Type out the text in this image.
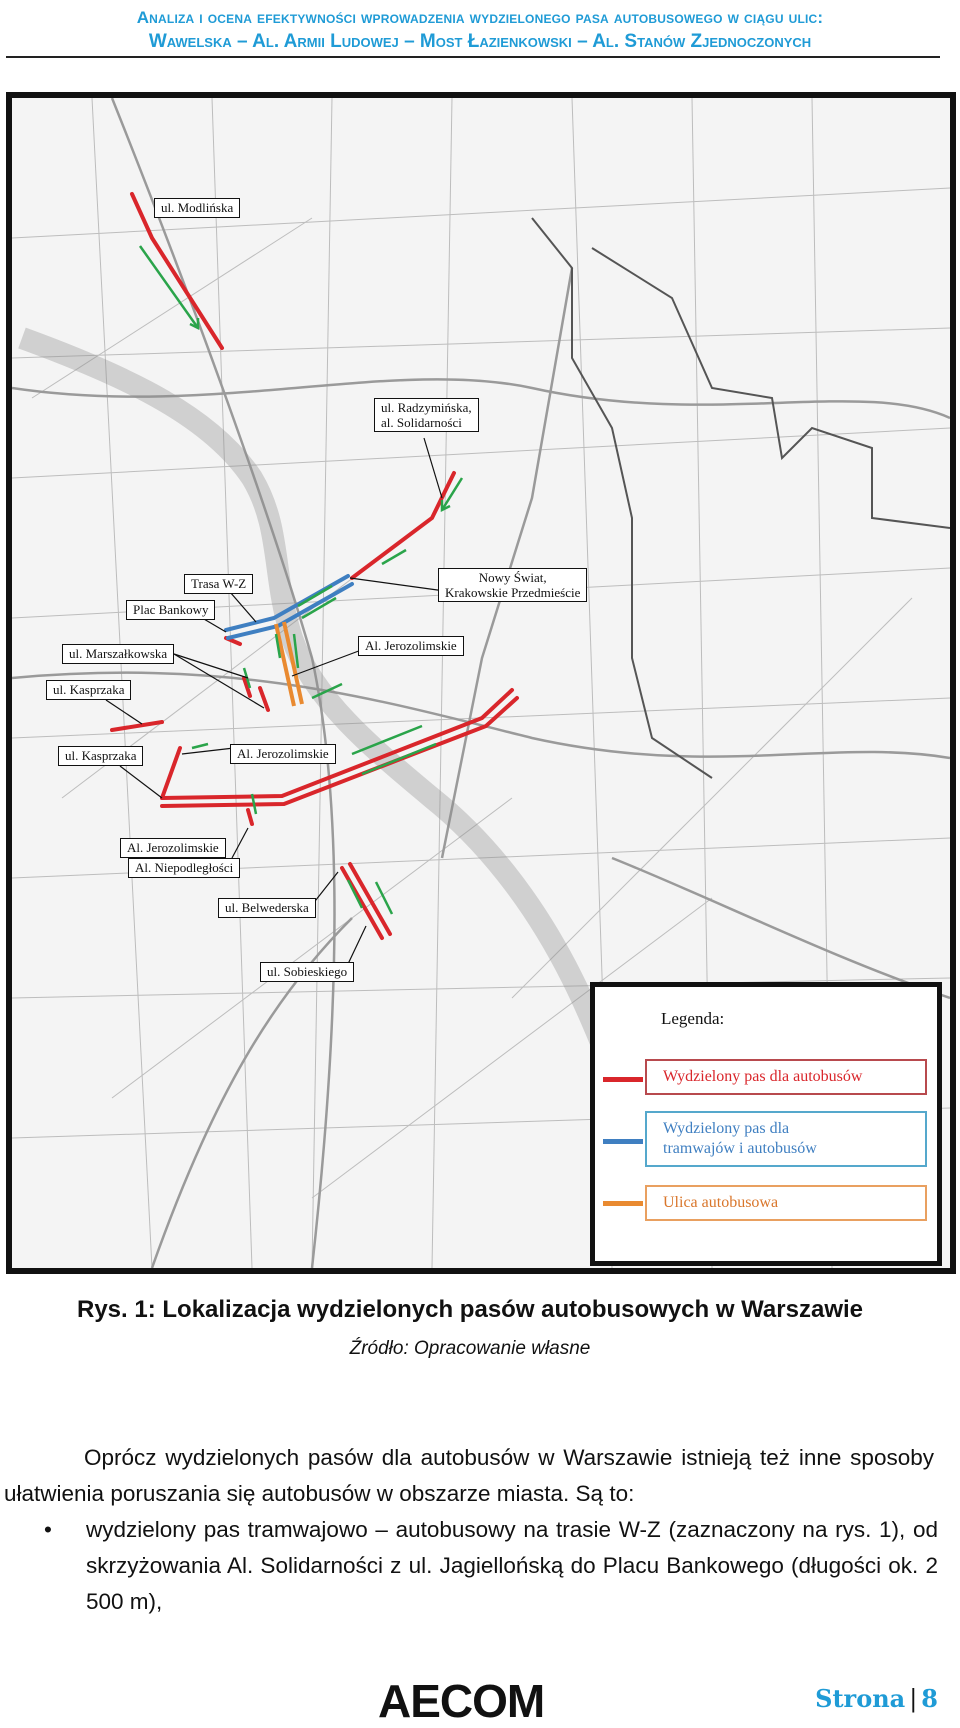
Analiza i ocena efektywności wprowadzenia wydzielonego pasa autobusowego w ciągu ulic:
Wawelska – Al. Armii Ludowej – Most Łazienkowski – Al. Stanów Zjednoczonych
ul. Modlińska
ul. Radzymińska,
al. Solidarności
Trasa W-Z
Plac Bankowy
Nowy Świat,
Krakowskie Przedmieście
ul. Marszałkowska
Al. Jerozolimskie
ul. Kasprzaka
ul. Kasprzaka	Al. Jerozolimskie
Al. Jerozolimskie
Al. Niepodległości
ul. Belwederska
ul. Sobieskiego
Legenda:
Wydzielony pas dla autobusów
Wydzielony pas dla
tramwajów i autobusów
Ulica autobusowa
Rys. 1: Lokalizacja wydzielonych pasów autobusowych w Warszawie
Źródło: Opracowanie własne
Oprócz wydzielonych pasów dla autobusów w Warszawie istnieją też inne sposoby ułatwienia poruszania się autobusów w obszarze miasta. Są to:
• wydzielony pas tramwajowo – autobusowy na trasie W-Z (zaznaczony na rys. 1), od skrzyżowania Al. Solidarności z ul. Jagiellońską do Placu Bankowego (długości ok. 2 500 m),
AECOM	Strona | 8
